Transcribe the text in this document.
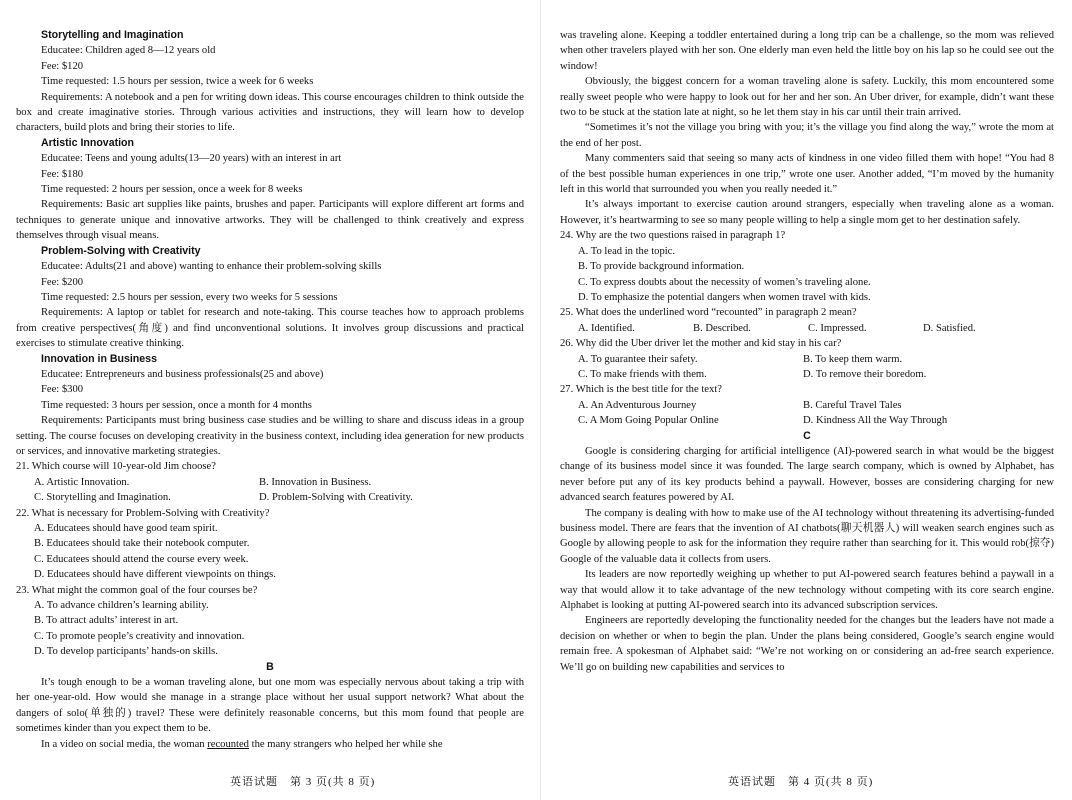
Storytelling and Imagination

Educatee: Children aged 8—12 years old

Fee: $120

Time requested: 1.5 hours per session, twice a week for 6 weeks

Requirements: A notebook and a pen for writing down ideas. This course encourages children to think outside the box and create imaginative stories. Through various activities and instructions, they will learn how to develop characters, build plots and bring their stories to life.

Artistic Innovation

Educatee: Teens and young adults(13—20 years) with an interest in art

Fee: $180

Time requested: 2 hours per session, once a week for 8 weeks

Requirements: Basic art supplies like paints, brushes and paper. Participants will explore different art forms and techniques to generate unique and innovative artworks. They will be challenged to think creatively and express themselves through visual means.

Problem-Solving with Creativity

Educatee: Adults(21 and above) wanting to enhance their problem-solving skills

Fee: $200

Time requested: 2.5 hours per session, every two weeks for 5 sessions

Requirements: A laptop or tablet for research and note-taking. This course teaches how to approach problems from creative perspectives(角度) and find unconventional solutions. It involves group discussions and practical exercises to stimulate creative thinking.

Innovation in Business

Educatee: Entrepreneurs and business professionals(25 and above)

Fee: $300

Time requested: 3 hours per session, once a month for 4 months

Requirements: Participants must bring business case studies and be willing to share and discuss ideas in a group setting. The course focuses on developing creativity in the business context, including idea generation for new products or services, and innovative marketing strategies.

21. Which course will 10-year-old Jim choose?

A. Artistic Innovation.	B. Innovation in Business.
C. Storytelling and Imagination.	D. Problem-Solving with Creativity.

22. What is necessary for Problem-Solving with Creativity?

A. Educatees should have good team spirit.

B. Educatees should take their notebook computer.

C. Educatees should attend the course every week.

D. Educatees should have different viewpoints on things.

23. What might the common goal of the four courses be?

A. To advance children’s learning ability.

B. To attract adults’ interest in art.

C. To promote people’s creativity and innovation.

D. To develop participants’ hands-on skills.

B

It’s tough enough to be a woman traveling alone, but one mom was especially nervous about taking a trip with her one-year-old. How would she manage in a strange place without her usual support network? What about the dangers of solo(单独的) travel? These were definitely reasonable concerns, but this mom found that people are sometimes kinder than you expect them to be.

In a video on social media, the woman recounted the many strangers who helped her while she

英语试题　第 3 页(共 8 页)

was traveling alone. Keeping a toddler entertained during a long trip can be a challenge, so the mom was relieved when other travelers played with her son. One elderly man even held the little boy on his lap so he could see out the window!

Obviously, the biggest concern for a woman traveling alone is safety. Luckily, this mom encountered some really sweet people who were happy to look out for her and her son. An Uber driver, for example, didn’t want these two to be stuck at the station late at night, so he let them stay in his car until their train arrived.

“Sometimes it’s not the village you bring with you; it’s the village you find along the way,” wrote the mom at the end of her post.

Many commenters said that seeing so many acts of kindness in one video filled them with hope! “You had 8 of the best possible human experiences in one trip,” wrote one user. Another added, “I’m moved by the humanity left in this world that surrounded you when you really needed it.”

It’s always important to exercise caution around strangers, especially when traveling alone as a woman. However, it’s heartwarming to see so many people willing to help a single mom get to her destination safely.

24. Why are the two questions raised in paragraph 1?

A. To lead in the topic.

B. To provide background information.

C. To express doubts about the necessity of women’s traveling alone.

D. To emphasize the potential dangers when women travel with kids.

25. What does the underlined word “recounted” in paragraph 2 mean?

A. Identified.	B. Described.	C. Impressed.	D. Satisfied.

26. Why did the Uber driver let the mother and kid stay in his car?

A. To guarantee their safety.	B. To keep them warm.
C. To make friends with them.	D. To remove their boredom.

27. Which is the best title for the text?

A. An Adventurous Journey	B. Careful Travel Tales
C. A Mom Going Popular Online	D. Kindness All the Way Through

C

Google is considering charging for artificial intelligence (AI)-powered search in what would be the biggest change of its business model since it was founded. The large search company, which is owned by Alphabet, has never before put any of its key products behind a paywall. However, bosses are considering charging for new advanced search features powered by AI.

The company is dealing with how to make use of the AI technology without threatening its advertising-funded business model. There are fears that the invention of AI chatbots(聊天机器人) will weaken search engines such as Google by allowing people to ask for the information they require rather than searching for it. This would rob(掠夺) Google of the valuable data it collects from users.

Its leaders are now reportedly weighing up whether to put AI-powered search features behind a paywall in a way that would allow it to take advantage of the new technology without competing with its core search engine. Alphabet is looking at putting AI-powered search into its advanced subscription services.

Engineers are reportedly developing the functionality needed for the changes but the leaders have not made a decision on whether or when to begin the plan. Under the plans being considered, Google’s search engine would remain free. A spokesman of Alphabet said: “We’re not working on or considering an ad-free search experience. We’ll go on building new capabilities and services to

英语试题　第 4 页(共 8 页)
